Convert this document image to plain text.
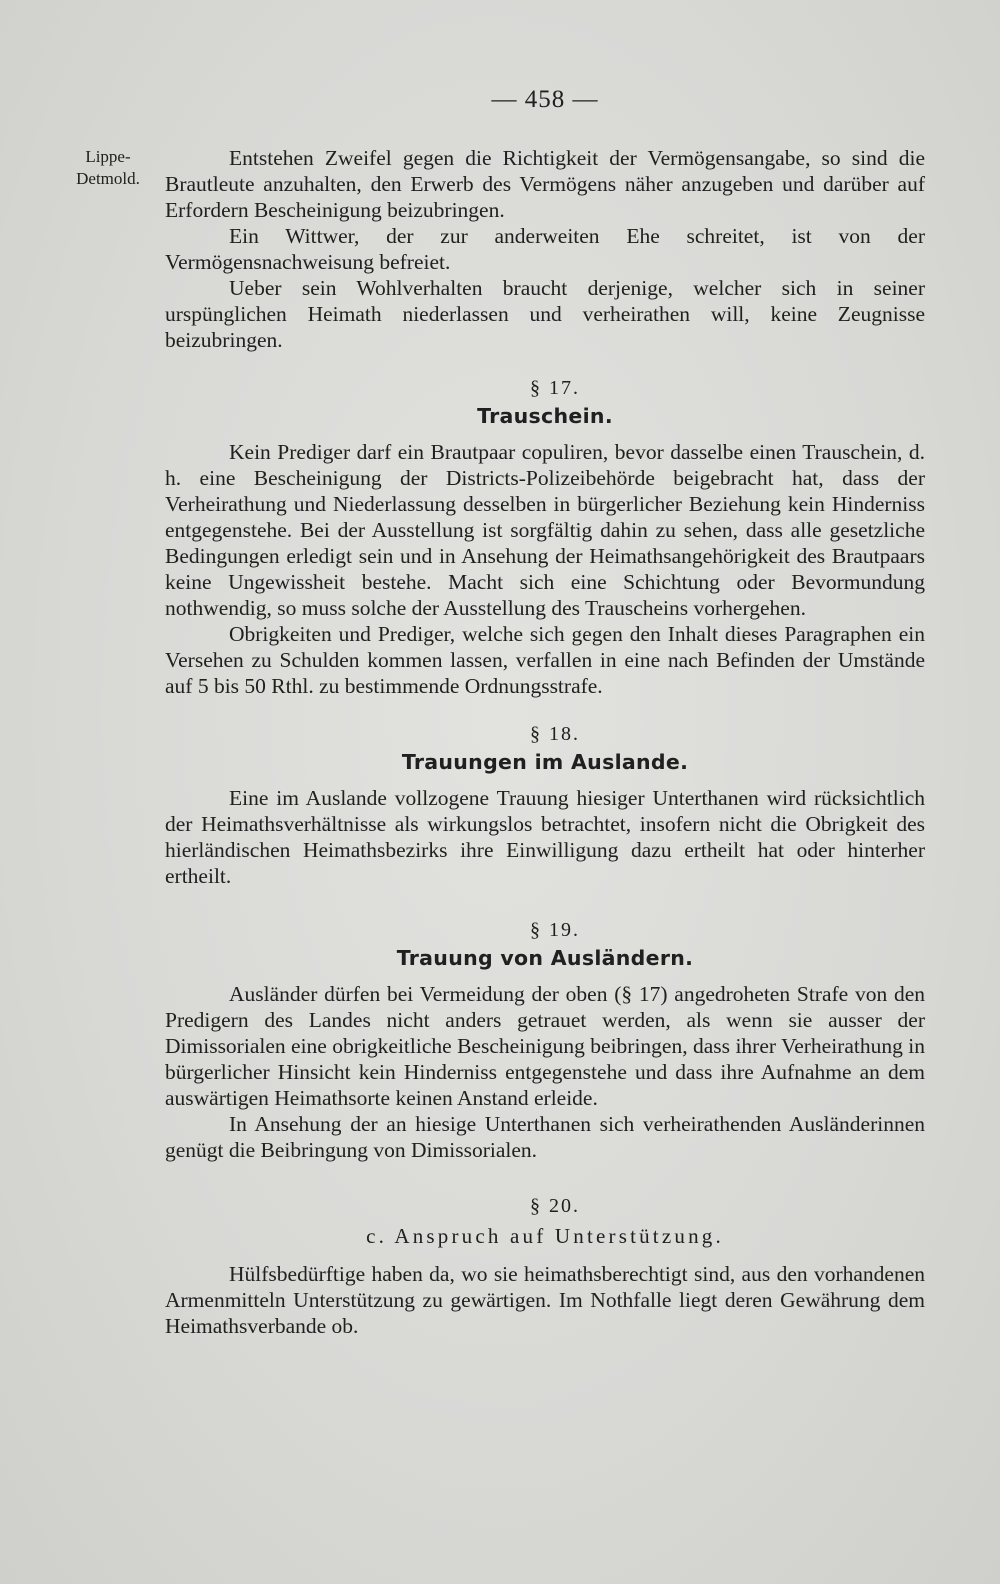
— 458 —
Lippe-
Detmold.

Entstehen Zweifel gegen die Richtigkeit der Vermögensangabe, so sind die Brautleute anzuhalten, den Erwerb des Vermögens näher anzugeben und darüber auf Erfordern Bescheinigung beizubringen.

Ein Wittwer, der zur anderweiten Ehe schreitet, ist von der Vermögensnachweisung befreiet.

Ueber sein Wohlverhalten braucht derjenige, welcher sich in seiner urspünglichen Heimath niederlassen und verheirathen will, keine Zeugnisse beizubringen.

§ 17.
Trauschein.

Kein Prediger darf ein Brautpaar copuliren, bevor dasselbe einen Trauschein, d. h. eine Bescheinigung der Districts-Polizeibehörde beigebracht hat, dass der Verheirathung und Niederlassung desselben in bürgerlicher Beziehung kein Hinderniss entgegenstehe. Bei der Ausstellung ist sorgfältig dahin zu sehen, dass alle gesetzliche Bedingungen erledigt sein und in Ansehung der Heimathsangehörigkeit des Brautpaars keine Ungewissheit bestehe. Macht sich eine Schichtung oder Bevormundung nothwendig, so muss solche der Ausstellung des Trauscheins vorhergehen.

Obrigkeiten und Prediger, welche sich gegen den Inhalt dieses Paragraphen ein Versehen zu Schulden kommen lassen, verfallen in eine nach Befinden der Umstände auf 5 bis 50 Rthl. zu bestimmende Ordnungsstrafe.

§ 18.
Trauungen im Auslande.

Eine im Auslande vollzogene Trauung hiesiger Unterthanen wird rücksichtlich der Heimathsverhältnisse als wirkungslos betrachtet, insofern nicht die Obrigkeit des hierländischen Heimathsbezirks ihre Einwilligung dazu ertheilt hat oder hinterher ertheilt.

§ 19.
Trauung von Ausländern.

Ausländer dürfen bei Vermeidung der oben (§ 17) angedroheten Strafe von den Predigern des Landes nicht anders getrauet werden, als wenn sie ausser der Dimissorialen eine obrigkeitliche Bescheinigung beibringen, dass ihrer Verheirathung in bürgerlicher Hinsicht kein Hinderniss entgegenstehe und dass ihre Aufnahme an dem auswärtigen Heimathsorte keinen Anstand erleide.

In Ansehung der an hiesige Unterthanen sich verheirathenden Ausländerinnen genügt die Beibringung von Dimissorialen.

§ 20.
c. Anspruch auf Unterstützung.

Hülfsbedürftige haben da, wo sie heimathsberechtigt sind, aus den vorhandenen Armenmitteln Unterstützung zu gewärtigen. Im Nothfalle liegt deren Gewährung dem Heimathsverbande ob.
